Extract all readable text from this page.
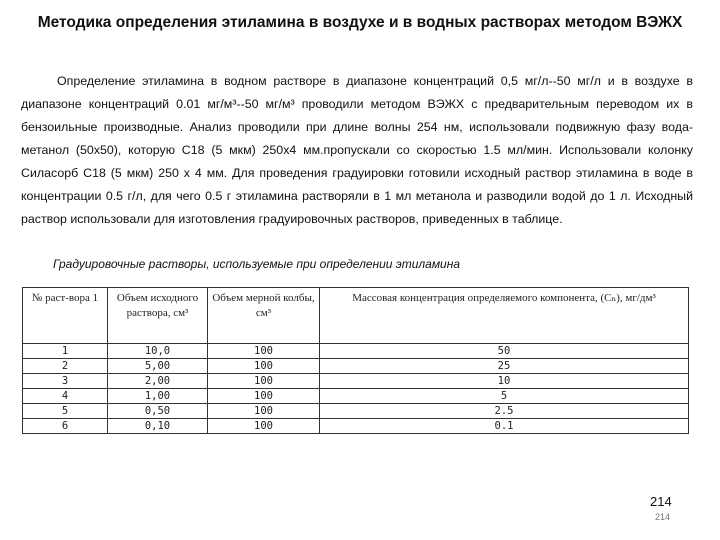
Методика определения этиламина в воздухе и в водных растворах методом ВЭЖХ

Определение этиламина в водном растворе в диапазоне концентраций 0,5 мг/л--50 мг/л и в воздухе в диапазоне концентраций 0.01 мг/м³--50 мг/м³ проводили методом ВЭЖХ с предварительным переводом их в бензоильные производные. Анализ проводили при длине волны 254 нм, использовали подвижную фазу вода-метанол (50х50), которую С18 (5 мкм) 250х4 мм.пропускали со скоростью 1.5 мл/мин. Использовали колонку Силасорб С18 (5 мкм) 250 х 4 мм. Для проведения градуировки готовили исходный раствор этиламина в воде в концентрации 0.5 г/л, для чего 0.5 г этиламина растворяли в 1 мл метанола и разводили водой до 1 л. Исходный раствор использовали для изготовления градуировочных растворов, приведенных в таблице.

Градуировочные растворы, используемые при определении этиламина
№ раст-вора 1	Объем исходного раствора, см³	Объем мерной колбы, см³	Массовая концентрация определяемого компонента, (Сₙ), мг/дм³
1	10,0	100	50
2	5,00	100	25
3	2,00	100	10
4	1,00	100	5
5	0,50	100	2.5
6	0,10	100	0.1
214
214
